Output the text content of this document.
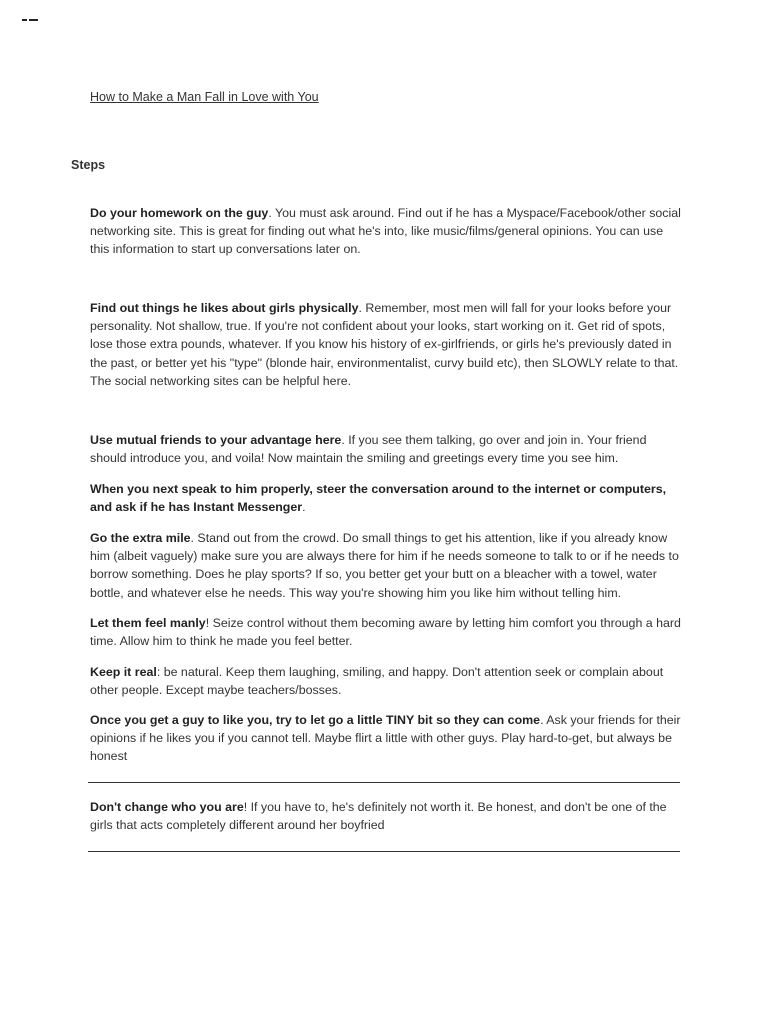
How to Make a Man Fall in Love with You
Steps

Do your homework on the guy. You must ask around. Find out if he has a Myspace/Facebook/other social networking site. This is great for finding out what he's into, like music/films/general opinions. You can use this information to start up conversations later on.

Find out things he likes about girls physically. Remember, most men will fall for your looks before your personality. Not shallow, true. If you're not confident about your looks, start working on it. Get rid of spots, lose those extra pounds, whatever. If you know his history of ex-girlfriends, or girls he's previously dated in the past, or better yet his "type" (blonde hair, environmentalist, curvy build etc), then SLOWLY relate to that. The social networking sites can be helpful here.

Use mutual friends to your advantage here. If you see them talking, go over and join in. Your friend should introduce you, and voila! Now maintain the smiling and greetings every time you see him.

When you next speak to him properly, steer the conversation around to the internet or computers, and ask if he has Instant Messenger.

Go the extra mile. Stand out from the crowd. Do small things to get his attention, like if you already know him (albeit vaguely) make sure you are always there for him if he needs someone to talk to or if he needs to borrow something. Does he play sports? If so, you better get your butt on a bleacher with a towel, water bottle, and whatever else he needs. This way you're showing him you like him without telling him.

Let them feel manly! Seize control without them becoming aware by letting him comfort you through a hard time. Allow him to think he made you feel better.

Keep it real: be natural. Keep them laughing, smiling, and happy. Don't attention seek or complain about other people. Except maybe teachers/bosses.

Once you get a guy to like you, try to let go a little TINY bit so they can come. Ask your friends for their opinions if he likes you if you cannot tell. Maybe flirt a little with other guys. Play hard-to-get, but always be honest

Don't change who you are! If you have to, he's definitely not worth it. Be honest, and don't be one of the girls that acts completely different around her boyfried
